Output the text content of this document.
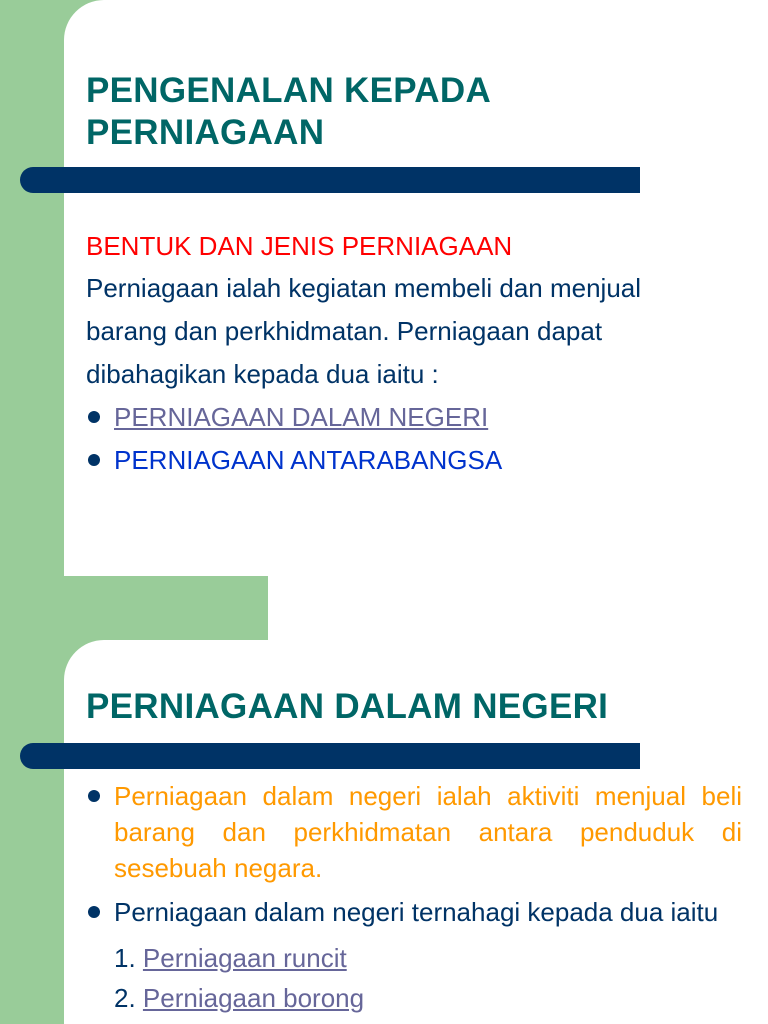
PENGENALAN KEPADA
PERNIAGAAN
BENTUK DAN JENIS PERNIAGAAN
Perniagaan ialah kegiatan membeli dan menjual
barang dan perkhidmatan. Perniagaan dapat
dibahagikan kepada dua iaitu :
PERNIAGAAN DALAM NEGERI
PERNIAGAAN ANTARABANGSA
PERNIAGAAN DALAM NEGERI
Perniagaan dalam negeri ialah aktiviti menjual beli barang dan perkhidmatan antara penduduk di sesebuah negara.
Perniagaan dalam negeri ternahagi kepada dua iaitu
1. Perniagaan runcit
2. Perniagaan borong
